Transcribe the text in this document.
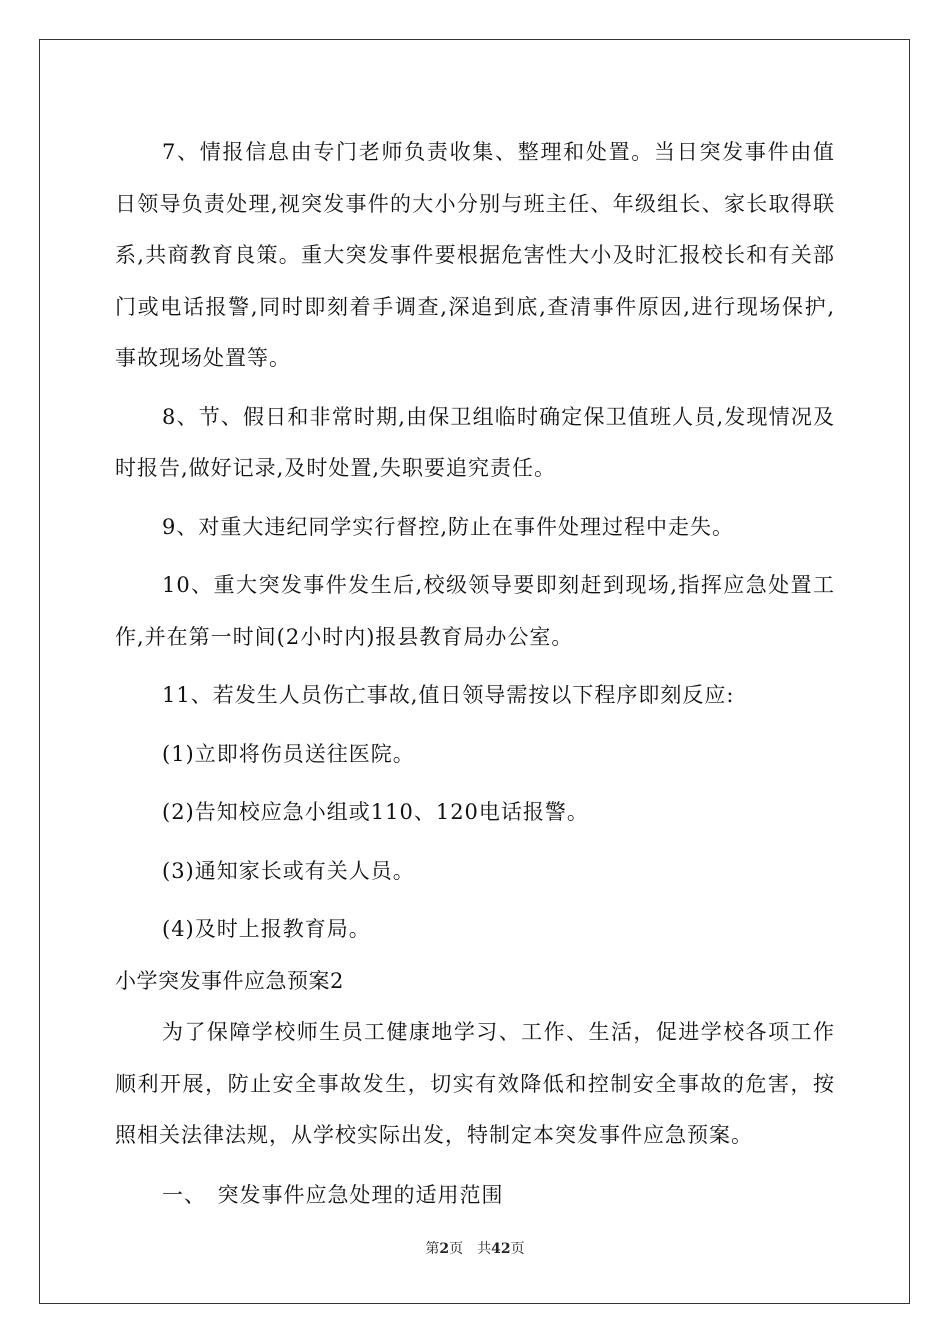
7、情报信息由专门老师负责收集、整理和处置。当日突发事件由值日领导负责处理,视突发事件的大小分别与班主任、年级组长、家长取得联系,共商教育良策。重大突发事件要根据危害性大小及时汇报校长和有关部门或电话报警,同时即刻着手调查,深追到底,查清事件原因,进行现场保护,事故现场处置等。

8、节、假日和非常时期,由保卫组临时确定保卫值班人员,发现情况及时报告,做好记录,及时处置,失职要追究责任。

9、对重大违纪同学实行督控,防止在事件处理过程中走失。

10、重大突发事件发生后,校级领导要即刻赶到现场,指挥应急处置工作,并在第一时间(2小时内)报县教育局办公室。

11、若发生人员伤亡事故,值日领导需按以下程序即刻反应:

(1)立即将伤员送往医院。

(2)告知校应急小组或110、120电话报警。

(3)通知家长或有关人员。

(4)及时上报教育局。

小学突发事件应急预案2

为了保障学校师生员工健康地学习、工作、生活，促进学校各项工作顺利开展，防止安全事故发生，切实有效降低和控制安全事故的危害，按照相关法律法规，从学校实际出发，特制定本突发事件应急预案。

一、　突发事件应急处理的适用范围

第2页　共42页
